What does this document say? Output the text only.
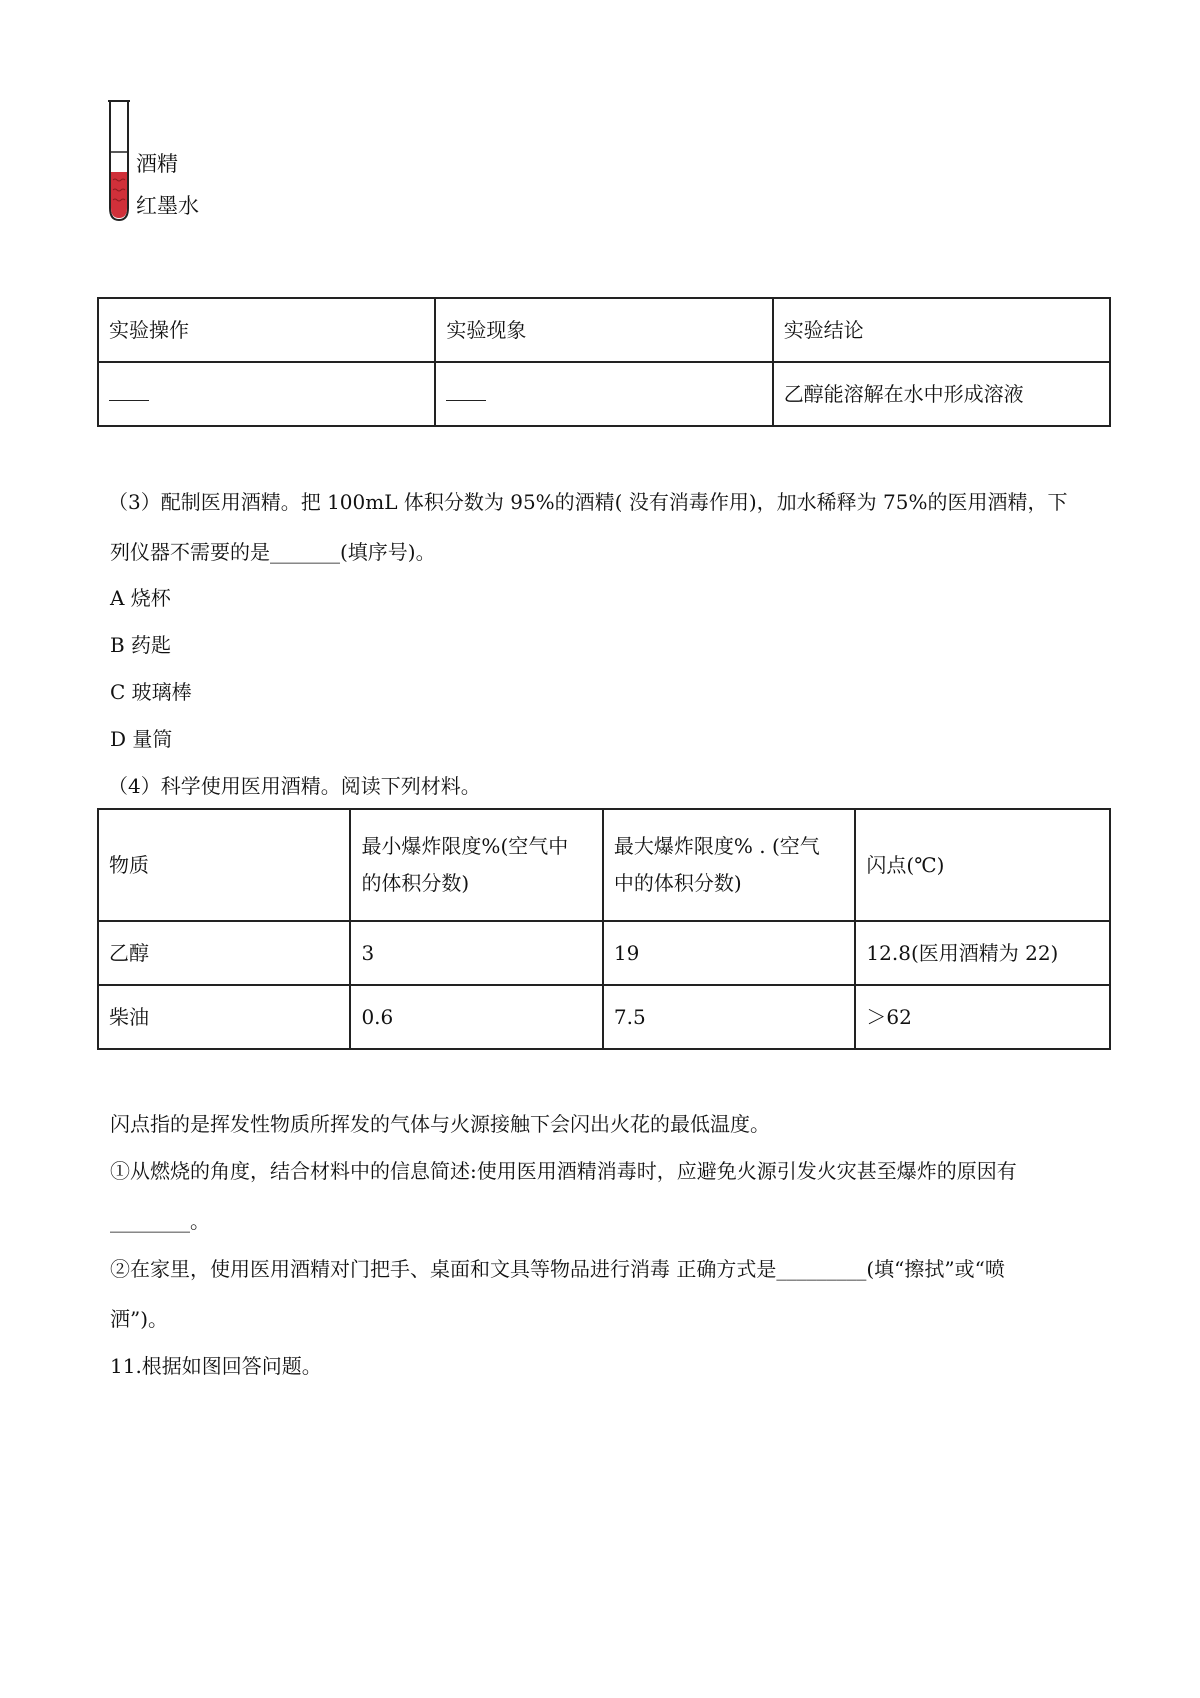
酒精
红墨水
实验操作	实验现象	实验结论
		乙醇能溶解在水中形成溶液
（3）配制医用酒精。把 100mL 体积分数为 95%的酒精( 没有消毒作用)，加水稀释为 75%的医用酒精，下
列仪器不需要的是_______(填序号)。
A 烧杯
B 药匙
C 玻璃棒
D 量筒
（4）科学使用医用酒精。阅读下列材料。
物质	最小爆炸限度%(空气中
的体积分数)	最大爆炸限度% . (空气
中的体积分数)	闪点(℃)
乙醇	3	19	12.8(医用酒精为 22)
柴油	0.6	7.5	＞62
闪点指的是挥发性物质所挥发的气体与火源接触下会闪出火花的最低温度。
①从燃烧的角度，结合材料中的信息简述:使用医用酒精消毒时，应避免火源引发火灾甚至爆炸的原因有
________。
②在家里，使用医用酒精对门把手、桌面和文具等物品进行消毒 正确方式是_________(填“擦拭”或“喷
洒”)。
11.根据如图回答问题。
